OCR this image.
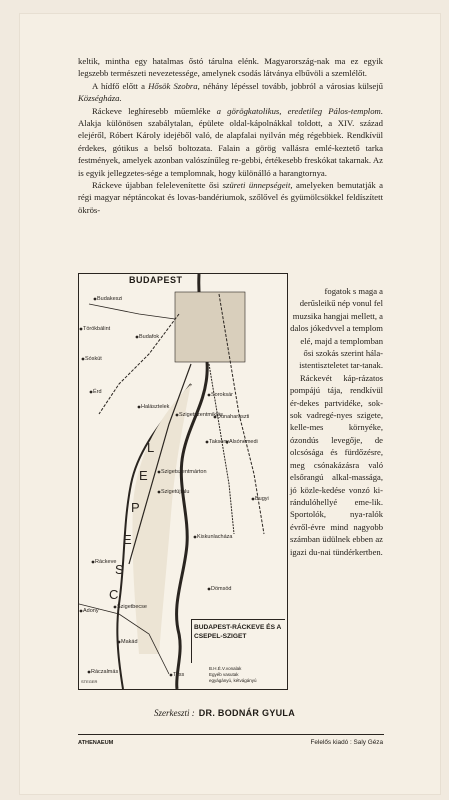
keltik, mintha egy hatalmas őstó tárulna elénk. Magyarország-nak ma ez egyik legszebb természeti nevezetessége, amelynek csodás látványa elbűvöli a szemlélőt.

A hídfő előtt a Hősök Szobra, néhány lépéssel tovább, jobbról a városias külsejű Községháza.

Ráckeve leghíresebb műemléke a görögkatolikus, eredetileg Pálos-templom. Alakja különösen szabálytalan, épülete oldal-kápolnákkal toldott, a XIV. század elejéről, Róbert Károly idejéből való, de alapfalai nyilván még régebbiek. Rendkívül érdekes, gótikus a belső boltozata. Falain a görög vallásra emlé-keztető tarka festmények, amelyek azonban valószínűleg re-gebbi, értékesebb freskókat takarnak. Az is egyik jellegzetes-sége a templomnak, hogy különálló a harangtornya.

Ráckeve újabban felelevenítette ősi szüreti ünnepségeit, amelyeken bemutatják a régi magyar néptáncokat és lovas-bandériumok, szőlővel és gyümölcsökkel feldíszített ökrös-

C
S
E
P
E
L
BUDAPEST
Budakeszi
Törökbálint
Sóskút
Budafok
Érd	Soroksár
Szigetszentmiklós
Alsónémedi
Halásztelek
Szigetszentmárton
Szigetújfalu
Dunaharaszti
Taksony
Bugyi
Kiskunlacháza
Ráckeve
Dömsöd
Adony
Szigetbecse
Makád
Ráczalmás	Tass
BUDAPEST-RÁCKEVE ÉS A CSEPEL-SZIGET
B.H.É.V.vonalak
Egyéb vasutak
egyágányú, kétvágányú
STEGER

fogatok s maga a derűsleikű nép vonul fel muzsika hangjai mellett, a dalos jókedvvel a templom elé, majd a templomban ősi szokás szerint hála-istentiszteletet tar-tanak.

Ráckevét káp-rázatos pompájú tája, rendkívül ér-dekes partvidéke, sok-sok vadregé-nyes szigete, kelle-mes környéke, ózondús levegője, de olcsósága és fürdőzésre, meg csónakázásra való elsőrangú alkal-massága, jó közle-kedése vonzó ki-rándulóhellyé eme-lik. Sportolók, nya-ralók évről-évre mind nagyobb számban üdülnek ebben az igazi du-nai tündérkertben.

Szerkeszti : DR. BODNÁR GYULA
ATHENAEUM	Felelős kiadó : Saly Géza
